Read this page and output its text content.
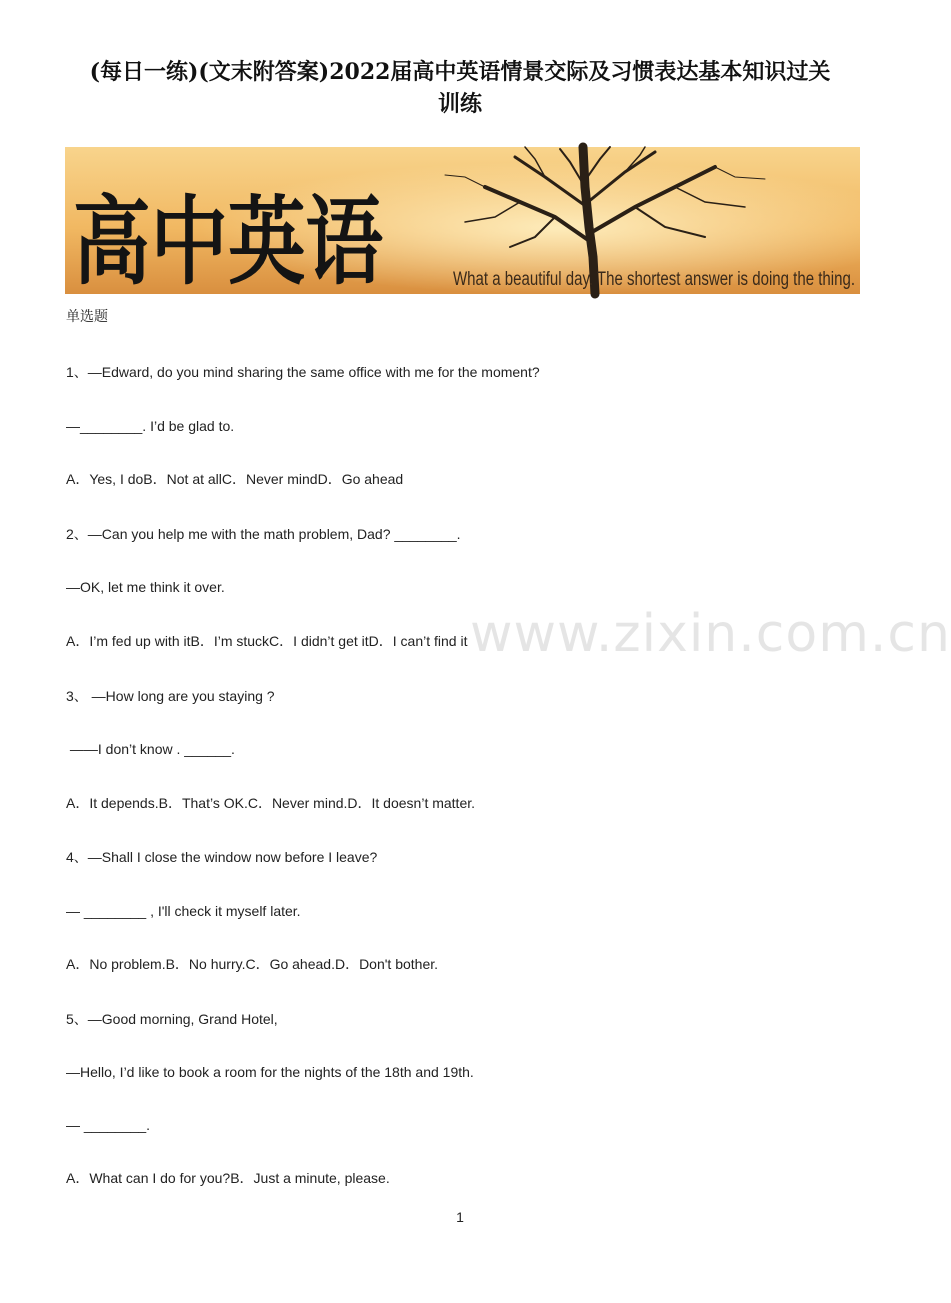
(每日一练)(文末附答案)2022届高中英语情景交际及习惯表达基本知识过关
训练
高中英语	What a beautiful day. The shortest answer is doing the thing.
单选题
1、—Edward, do you mind sharing the same office with me for the moment?
—________. I’d be glad to.
A．Yes, I doB．Not at allC．Never mindD．Go ahead
2、—Can you help me with the math problem, Dad? ________.
—OK, let me think it over.
A．I’m fed up with itB．I’m stuckC．I didn’t get itD．I can’t find it
3、 —How long are you staying ?
——I don’t know . ______.
A．It depends.B．That’s OK.C．Never mind.D．It doesn’t matter.
4、—Shall I close the window now before I leave?
— ________ , I'll check it myself later.
A．No problem.B．No hurry.C．Go ahead.D．Don't bother.
5、—Good morning, Grand Hotel,
—Hello, I’d like to book a room for the nights of the 18th and 19th.
— ________.
A．What can I do for you?B．Just a minute, please.
www.zixin.com.cn
1
